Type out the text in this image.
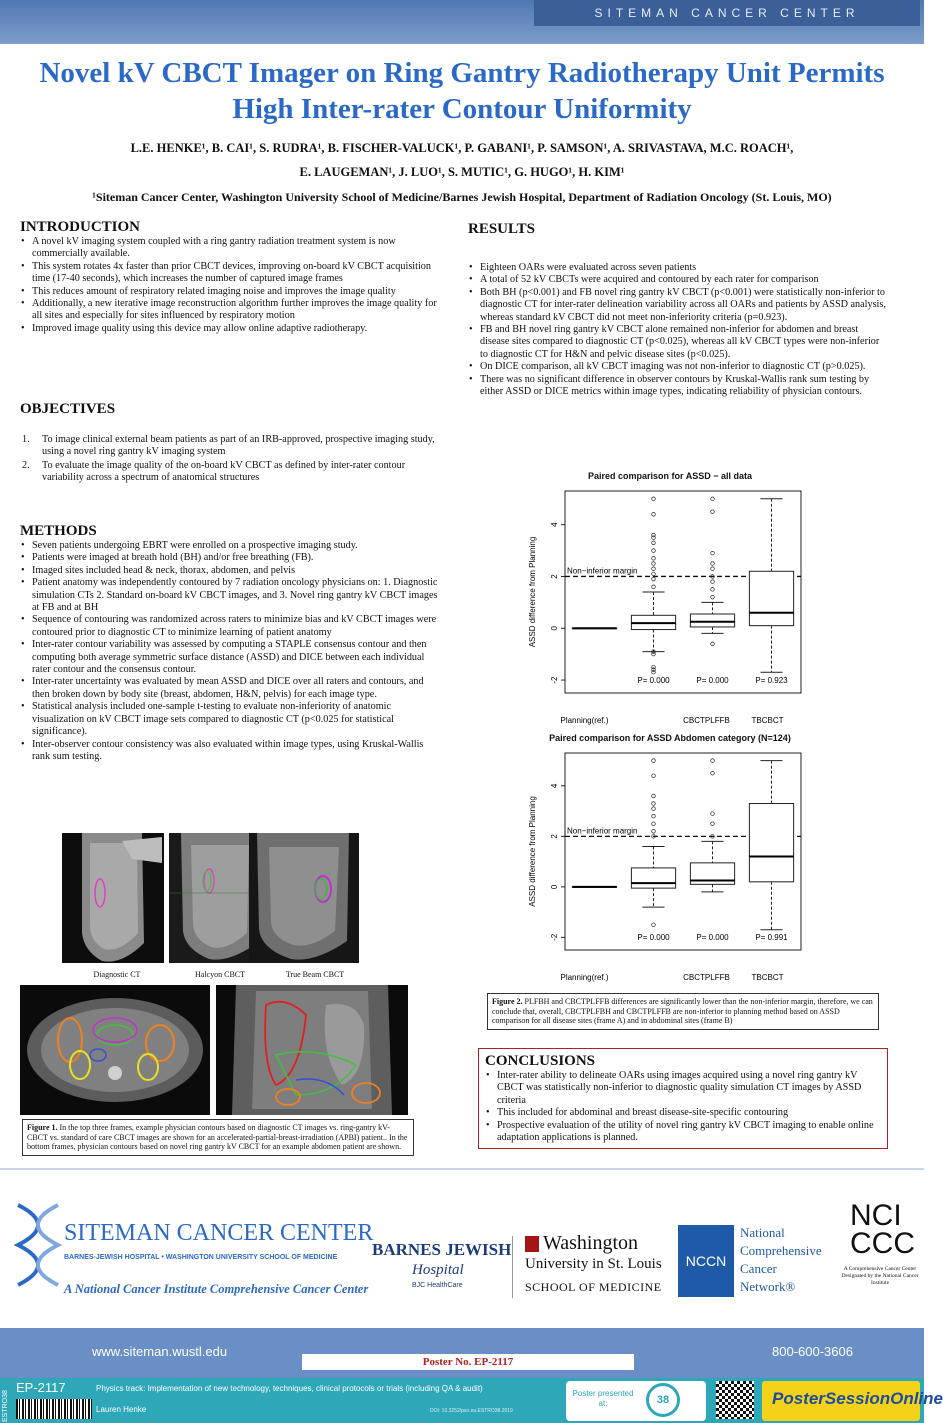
SITEMAN CANCER CENTER
Novel kV CBCT Imager on Ring Gantry Radiotherapy Unit Permits
High Inter-rater Contour Uniformity
L.E. HENKE¹, B. CAI¹, S. RUDRA¹, B. FISCHER-VALUCK¹, P. GABANI¹, P. SAMSON¹, A. SRIVASTAVA, M.C. ROACH¹,
E. LAUGEMAN¹, J. LUO¹, S. MUTIC¹, G. HUGO¹, H. KIM¹
¹Siteman Cancer Center, Washington University School of Medicine/Barnes Jewish Hospital, Department of Radiation Oncology (St. Louis, MO)
INTRODUCTION
• A novel kV imaging system coupled with a ring gantry radiation treatment system is now commercially available.
• This system rotates 4x faster than prior CBCT devices, improving on-board kV CBCT acquisition time (17-40 seconds), which increases the number of captured image frames
• This reduces amount of respiratory related imaging noise and improves the image quality
• Additionally, a new iterative image reconstruction algorithm further improves the image quality for all sites and especially for sites influenced by respiratory motion
• Improved image quality using this device may allow online adaptive radiotherapy.
OBJECTIVES
1. To image clinical external beam patients as part of an IRB-approved, prospective imaging study, using a novel ring gantry kV imaging system
2. To evaluate the image quality of the on-board kV CBCT as defined by inter-rater contour variability across a spectrum of anatomical structures
METHODS
• Seven patients undergoing EBRT were enrolled on a prospective imaging study.
• Patients were imaged at breath hold (BH) and/or free breathing (FB).
• Imaged sites included head & neck, thorax, abdomen, and pelvis
• Patient anatomy was independently contoured by 7 radiation oncology physicians on: 1. Diagnostic simulation CTs 2. Standard on-board kV CBCT images, and 3. Novel ring gantry kV CBCT images at FB and at BH
• Sequence of contouring was randomized across raters to minimize bias and kV CBCT images were contoured prior to diagnostic CT to minimize learning of patient anatomy
• Inter-rater contour variability was assessed by computing a STAPLE consensus contour and then computing both average symmetric surface distance (ASSD) and DICE between each individual rater contour and the consensus contour.
• Inter-rater uncertainty was evaluated by mean ASSD and DICE over all raters and contours, and then broken down by body site (breast, abdomen, H&N, pelvis) for each image type.
• Statistical analysis included one-sample t-testing to evaluate non-inferiority of anatomic visualization on kV CBCT image sets compared to diagnostic CT (p<0.025 for statistical significance).
• Inter-observer contour consistency was also evaluated within image types, using Kruskal-Wallis rank sum testing.
Diagnostic CT	Halcyon CBCT	True Beam CBCT
Figure 1. In the top three frames, example physician contours based on diagnostic CT images vs. ring-gantry kV- CBCT vs. standard of care CBCT images are shown for an accelerated-partial-breast-irradiation (APBI) patient.. In the bottom frames, physician contours based on novel ring gantry kV CBCT for an example abdomen patient are shown.
RESULTS
• Eighteen OARs were evaluated across seven patients
• A total of 52 kV CBCTs were acquired and contoured by each rater for comparison
• Both BH (p<0.001) and FB novel ring gantry kV CBCT (p<0.001) were statistically non-inferior to diagnostic CT for inter-rater delineation variability across all OARs and patients by ASSD analysis, whereas standard kV CBCT did not meet non-inferiority criteria (p=0.923).
• FB and BH novel ring gantry kV CBCT alone remained non-inferior for abdomen and breast disease sites compared to diagnostic CT (p<0.025), whereas all kV CBCT types were non-inferior to diagnostic CT for H&N and pelvic disease sites (p<0.025).
• On DICE comparison, all kV CBCT imaging was not non-inferior to diagnostic CT (p>0.025).
• There was no significant difference in observer contours by Kruskal-Wallis rank sum testing by either ASSD or DICE metrics within image types, indicating reliability of physician contours.
Paired comparison for ASSD − all data
-2
0
2
4
ASSD difference from Planning	Non−inferior margin
P= 0.000	P= 0.000	P= 0.923
Planning(ref.)	CBCTPLFFB	TBCBCT
Paired comparison for ASSD Abdomen category (N=124)
-2
0
2
4
ASSD difference from Planning	Non−inferior margin
P= 0.000	P= 0.000	P= 0.991
Planning(ref.)	CBCTPLFFB	TBCBCT
Figure 2. PLFBH and CBCTPLFFB differences are significantly lower than the non-inferior margin, therefore, we can conclude that, overall, CBCTPLFBH and CBCTPLFFB are non-inferior to planning method based on ASSD comparison for all disease sites (frame A) and in abdominal sites (frame B)
CONCLUSIONS
• Inter-rater ability to delineate OARs using images acquired using a novel ring gantry kV CBCT was statistically non-inferior to diagnostic quality simulation CT images by ASSD criteria
• This included for abdominal and breast disease-site-specific contouring
• Prospective evaluation of the utility of novel ring gantry kV CBCT imaging to enable online adaptation applications is planned.
SITEMAN CANCER CENTER
BARNES-JEWISH HOSPITAL • WASHINGTON UNIVERSITY SCHOOL OF MEDICINE
A National Cancer Institute Comprehensive Cancer Center
BARNES JEWISH
Hospital
BJC HealthCare
Washington
University in St. Louis
SCHOOL OF MEDICINE
NCCN
National
Comprehensive
Cancer
Network®
NCI
CCC
A Comprehensive Cancer Center Designated by the National Cancer Institute
www.siteman.wustl.edu	800-600-3606
Poster No. EP-2117
ESTRO38
EP-2117	Physics track: Implementation of new technology, techniques, clinical protocols or trials (including QA & audit)
Lauren Henke	DOI: 10.3252/pso.eu.ESTRO38.2019
Poster presented at:	38	PosterSessionOnline
